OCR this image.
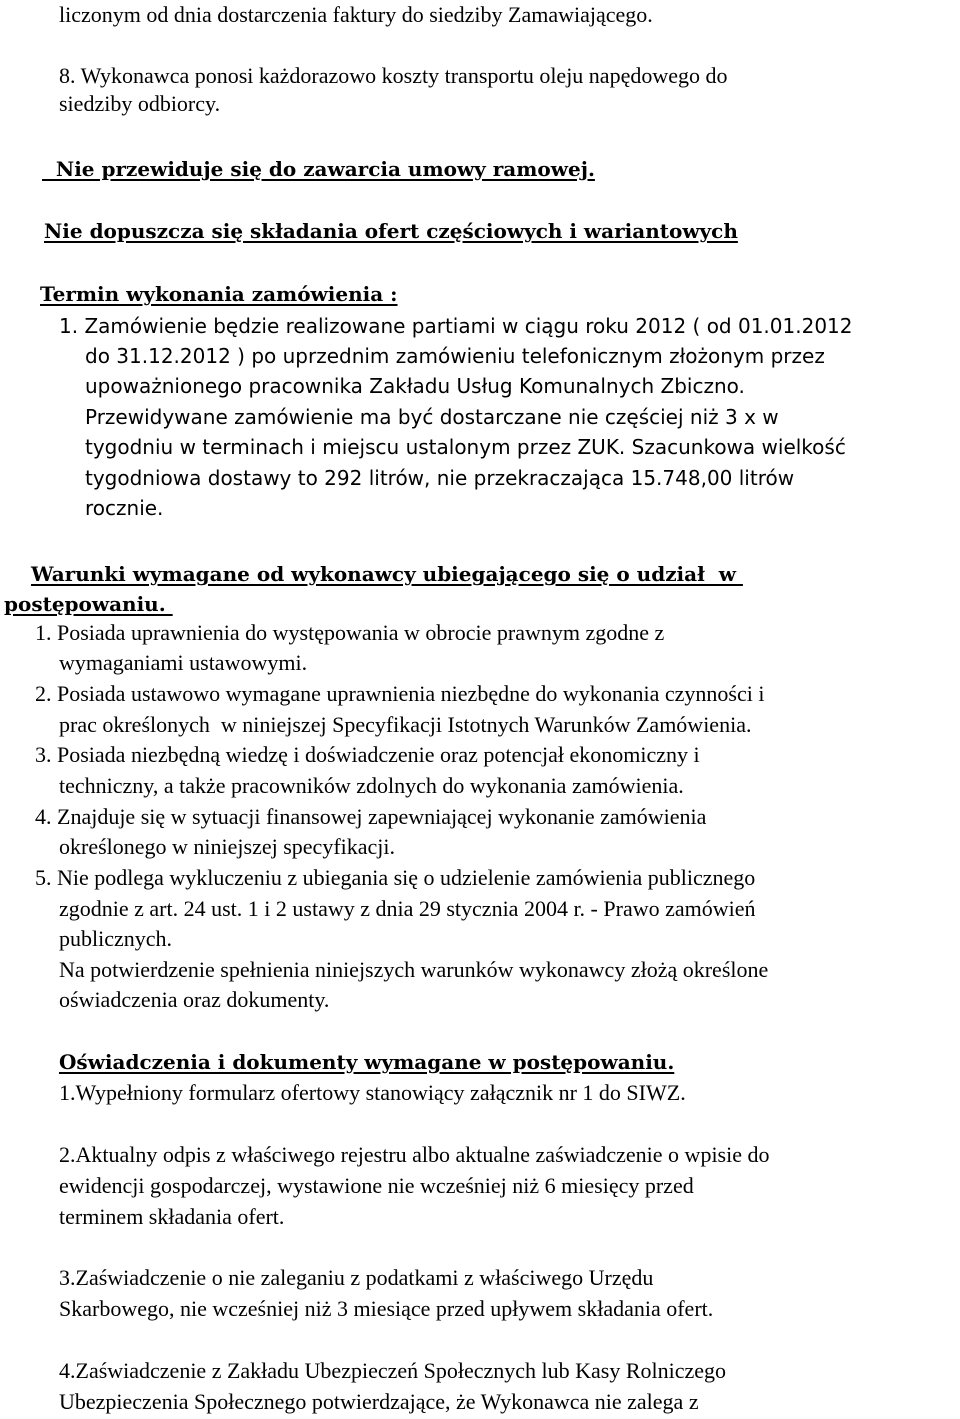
liczonym od dnia dostarczenia faktury do siedziby Zamawiającego.
8. Wykonawca ponosi każdorazowo koszty transportu oleju napędowego do
siedziby odbiorcy.
Nie przewiduje się do zawarcia umowy ramowej.
Nie dopuszcza się składania ofert częściowych i wariantowych
Termin wykonania zamówienia :
1. Zamówienie będzie realizowane partiami w ciągu roku 2012 ( od 01.01.2012
do 31.12.2012 ) po uprzednim zamówieniu telefonicznym złożonym przez
upoważnionego pracownika Zakładu Usług Komunalnych Zbiczno.
Przewidywane zamówienie ma być dostarczane nie częściej niż 3 x w
tygodniu w terminach i miejscu ustalonym przez ZUK. Szacunkowa wielkość
tygodniowa dostawy to 292 litrów, nie przekraczająca 15.748,00 litrów
rocznie.
Warunki wymagane od wykonawcy ubiegającego się o udział  w
postępowaniu.
1. Posiada uprawnienia do występowania w obrocie prawnym zgodne z
wymaganiami ustawowymi.
2. Posiada ustawowo wymagane uprawnienia niezbędne do wykonania czynności i
prac określonych  w niniejszej Specyfikacji Istotnych Warunków Zamówienia.
3. Posiada niezbędną wiedzę i doświadczenie oraz potencjał ekonomiczny i
techniczny, a także pracowników zdolnych do wykonania zamówienia.
4. Znajduje się w sytuacji finansowej zapewniającej wykonanie zamówienia
określonego w niniejszej specyfikacji.
5. Nie podlega wykluczeniu z ubiegania się o udzielenie zamówienia publicznego
zgodnie z art. 24 ust. 1 i 2 ustawy z dnia 29 stycznia 2004 r. - Prawo zamówień
publicznych.
Na potwierdzenie spełnienia niniejszych warunków wykonawcy złożą określone
oświadczenia oraz dokumenty.
Oświadczenia i dokumenty wymagane w postępowaniu.
1.Wypełniony formularz ofertowy stanowiący załącznik nr 1 do SIWZ.
2.Aktualny odpis z właściwego rejestru albo aktualne zaświadczenie o wpisie do
ewidencji gospodarczej, wystawione nie wcześniej niż 6 miesięcy przed
terminem składania ofert.
3.Zaświadczenie o nie zaleganiu z podatkami z właściwego Urzędu
Skarbowego, nie wcześniej niż 3 miesiące przed upływem składania ofert.
4.Zaświadczenie z Zakładu Ubezpieczeń Społecznych lub Kasy Rolniczego
Ubezpieczenia Społecznego potwierdzające, że Wykonawca nie zalega z
